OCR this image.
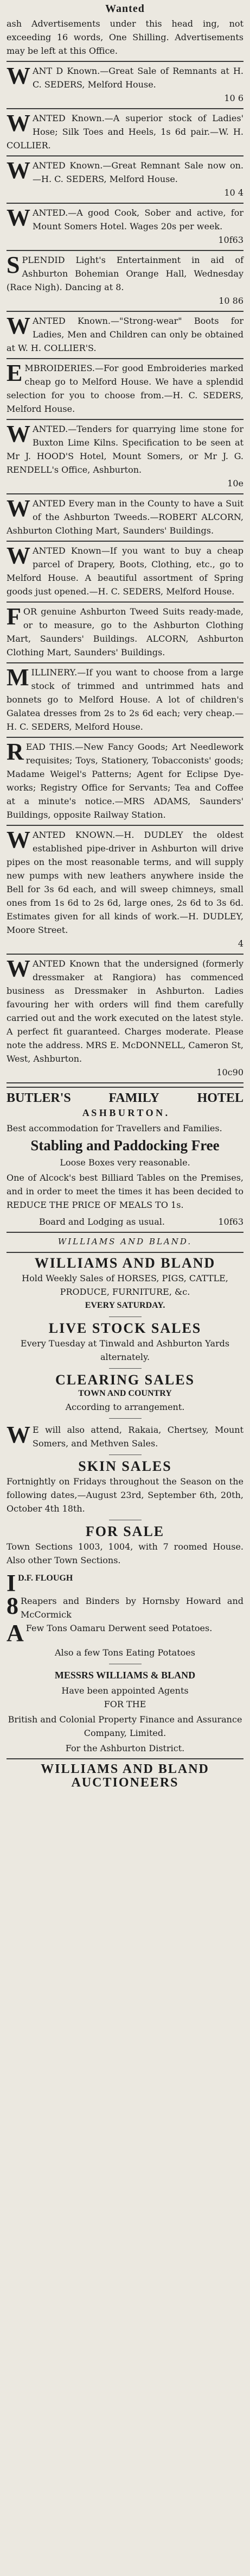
Wanted

ash Advertisements under this head ing, not exceeding 16 words, One Shilling. Advertisements may be left at this Office.

W ANT D Known.—Great Sale of Remnants at H. C. SEDERS, Melford House.

10 6
W ANTED Known.—A superior stock of Ladies' Hose; Silk Toes and Heels, 1s 6d pair.—W. H. COLLIER.

W ANTED Known.—Great Remnant Sale now on.—H. C. SEDERS, Melford House.

10 4
W ANTED.—A good Cook, Sober and active, for Mount Somers Hotel. Wages 20s per week.

10f63
S PLENDID Light's Entertainment in aid of Ashburton Bohemian Orange Hall, Wednesday (Race Nigh). Dancing at 8.

10 86
W ANTED Known.—"Strong-wear" Boots for Ladies, Men and Children can only be obtained at W. H. COLLIER'S.

E MBROIDERIES.—For good Embroideries marked cheap go to Melford House. We have a splendid selection for you to choose from.—H. C. SEDERS, Melford House.

W ANTED.—Tenders for quarrying lime stone for Buxton Lime Kilns. Specification to be seen at Mr J. HOOD'S Hotel, Mount Somers, or Mr J. G. RENDELL's Office, Ashburton.

10e
W ANTED Every man in the County to have a Suit of the Ashburton Tweeds.—ROBERT ALCORN, Ashburton Clothing Mart, Saunders' Buildings.

W ANTED Known—If you want to buy a cheap parcel of Drapery, Boots, Clothing, etc., go to Melford House. A beautiful assortment of Spring goods just opened.—H. C. SEDERS, Melford House.

F OR genuine Ashburton Tweed Suits ready-made, or to measure, go to the Ashburton Clothing Mart, Saunders' Buildings. ALCORN, Ashburton Clothing Mart, Saunders' Buildings.

M ILLINERY.—If you want to choose from a large stock of trimmed and untrimmed hats and bonnets go to Melford House. A lot of children's Galatea dresses from 2s to 2s 6d each; very cheap.—H. C. SEDERS, Melford House.

R EAD THIS.—New Fancy Goods; Art Needlework requisites; Toys, Stationery, Tobacconists' goods; Madame Weigel's Patterns; Agent for Eclipse Dye-works; Registry Office for Servants; Tea and Coffee at a minute's notice.—MRS ADAMS, Saunders' Buildings, opposite Railway Station.

W ANTED KNOWN.—H. DUDLEY the oldest established pipe-driver in Ashburton will drive pipes on the most reasonable terms, and will supply new pumps with new leathers anywhere inside the Bell for 3s 6d each, and will sweep chimneys, small ones from 1s 6d to 2s 6d, large ones, 2s 6d to 3s 6d. Estimates given for all kinds of work.—H. DUDLEY, Moore Street.

4
W ANTED Known that the undersigned (formerly dressmaker at Rangiora) has commenced business as Dressmaker in Ashburton. Ladies favouring her with orders will find them carefully carried out and the work executed on the latest style. A perfect fit guaranteed. Charges moderate. Please note the address. MRS E. McDONNELL, Cameron St, West, Ashburton.

10c90
BUTLER'S	FAMILY	HOTEL
A S H B U R T O N .

Best accommodation for Travellers and Families.

Stabling and Paddocking Free
Loose Boxes very reasonable.

One of Alcock's best Billiard Tables on the Premises, and in order to meet the times it has been decided to REDUCE THE PRICE OF MEALS TO 1s.

Board and Lodging as usual.	10f63
WILLIAMS AND BLAND.
WILLIAMS AND BLAND

Hold Weekly Sales of HORSES, PIGS, CATTLE, PRODUCE, FURNITURE, &c.

EVERY SATURDAY.
LIVE STOCK SALES

Every Tuesday at Tinwald and Ashburton Yards alternately.

CLEARING SALES
TOWN AND COUNTRY
According to arrangement.
W E will also attend, Rakaia, Chertsey, Mount Somers, and Methven Sales.

SKIN SALES

Fortnightly on Fridays throughout the Season on the following dates,—August 23rd, September 6th, 20th, October 4th 18th.

FOR SALE

Town Sections 1003, 1004, with 7 roomed House. Also other Town Sections.

I D.F. FLOUGH

8 Reapers and Binders by Hornsby Howard and McCormick

A Few Tons Oamaru Derwent seed Potatoes.

Also a few Tons Eating Potatoes
MESSRS WILLIAMS & BLAND
Have been appointed Agents
FOR THE

British and Colonial Property Finance and Assurance Company, Limited.

For the Ashburton District.
WILLIAMS AND BLAND
AUCTIONEERS
